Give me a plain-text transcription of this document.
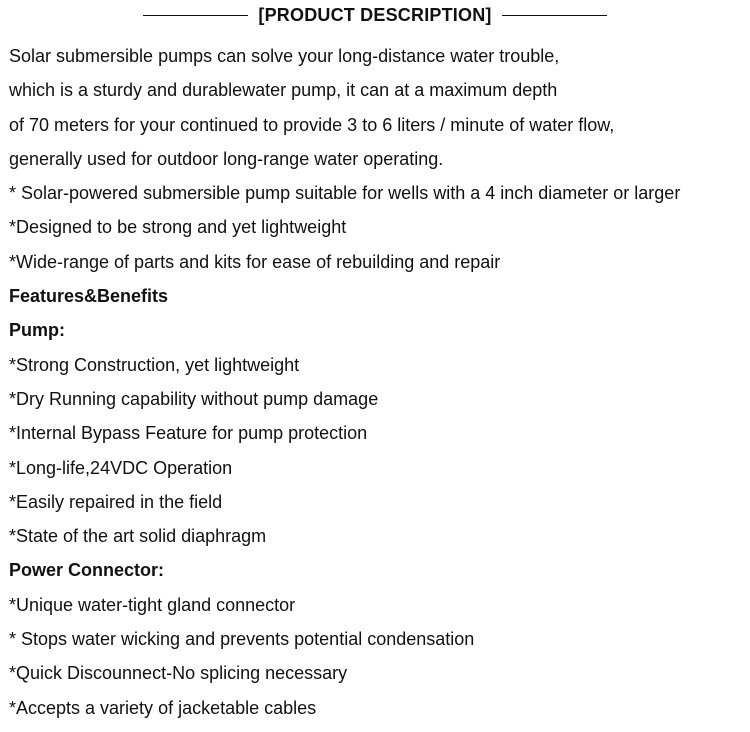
[PRODUCT DESCRIPTION]
Solar submersible pumps can solve your long-distance water trouble,
which is a sturdy and durablewater pump, it can at a maximum depth
of 70 meters for your continued to provide 3 to 6 liters / minute of water flow,
generally used for outdoor long-range water operating.
* Solar-powered submersible pump suitable for wells with a 4 inch diameter or larger
*Designed to be strong and yet lightweight
*Wide-range of parts and kits for ease of rebuilding and repair
Features&Benefits
Pump:
*Strong Construction, yet lightweight
*Dry Running capability without pump damage
*Internal Bypass Feature for pump protection
*Long-life,24VDC Operation
*Easily repaired in the field
*State of the art solid diaphragm
Power Connector:
*Unique water-tight gland connector
* Stops water wicking and prevents potential condensation
*Quick Discounnect-No splicing necessary
*Accepts a variety of jacketable cables
